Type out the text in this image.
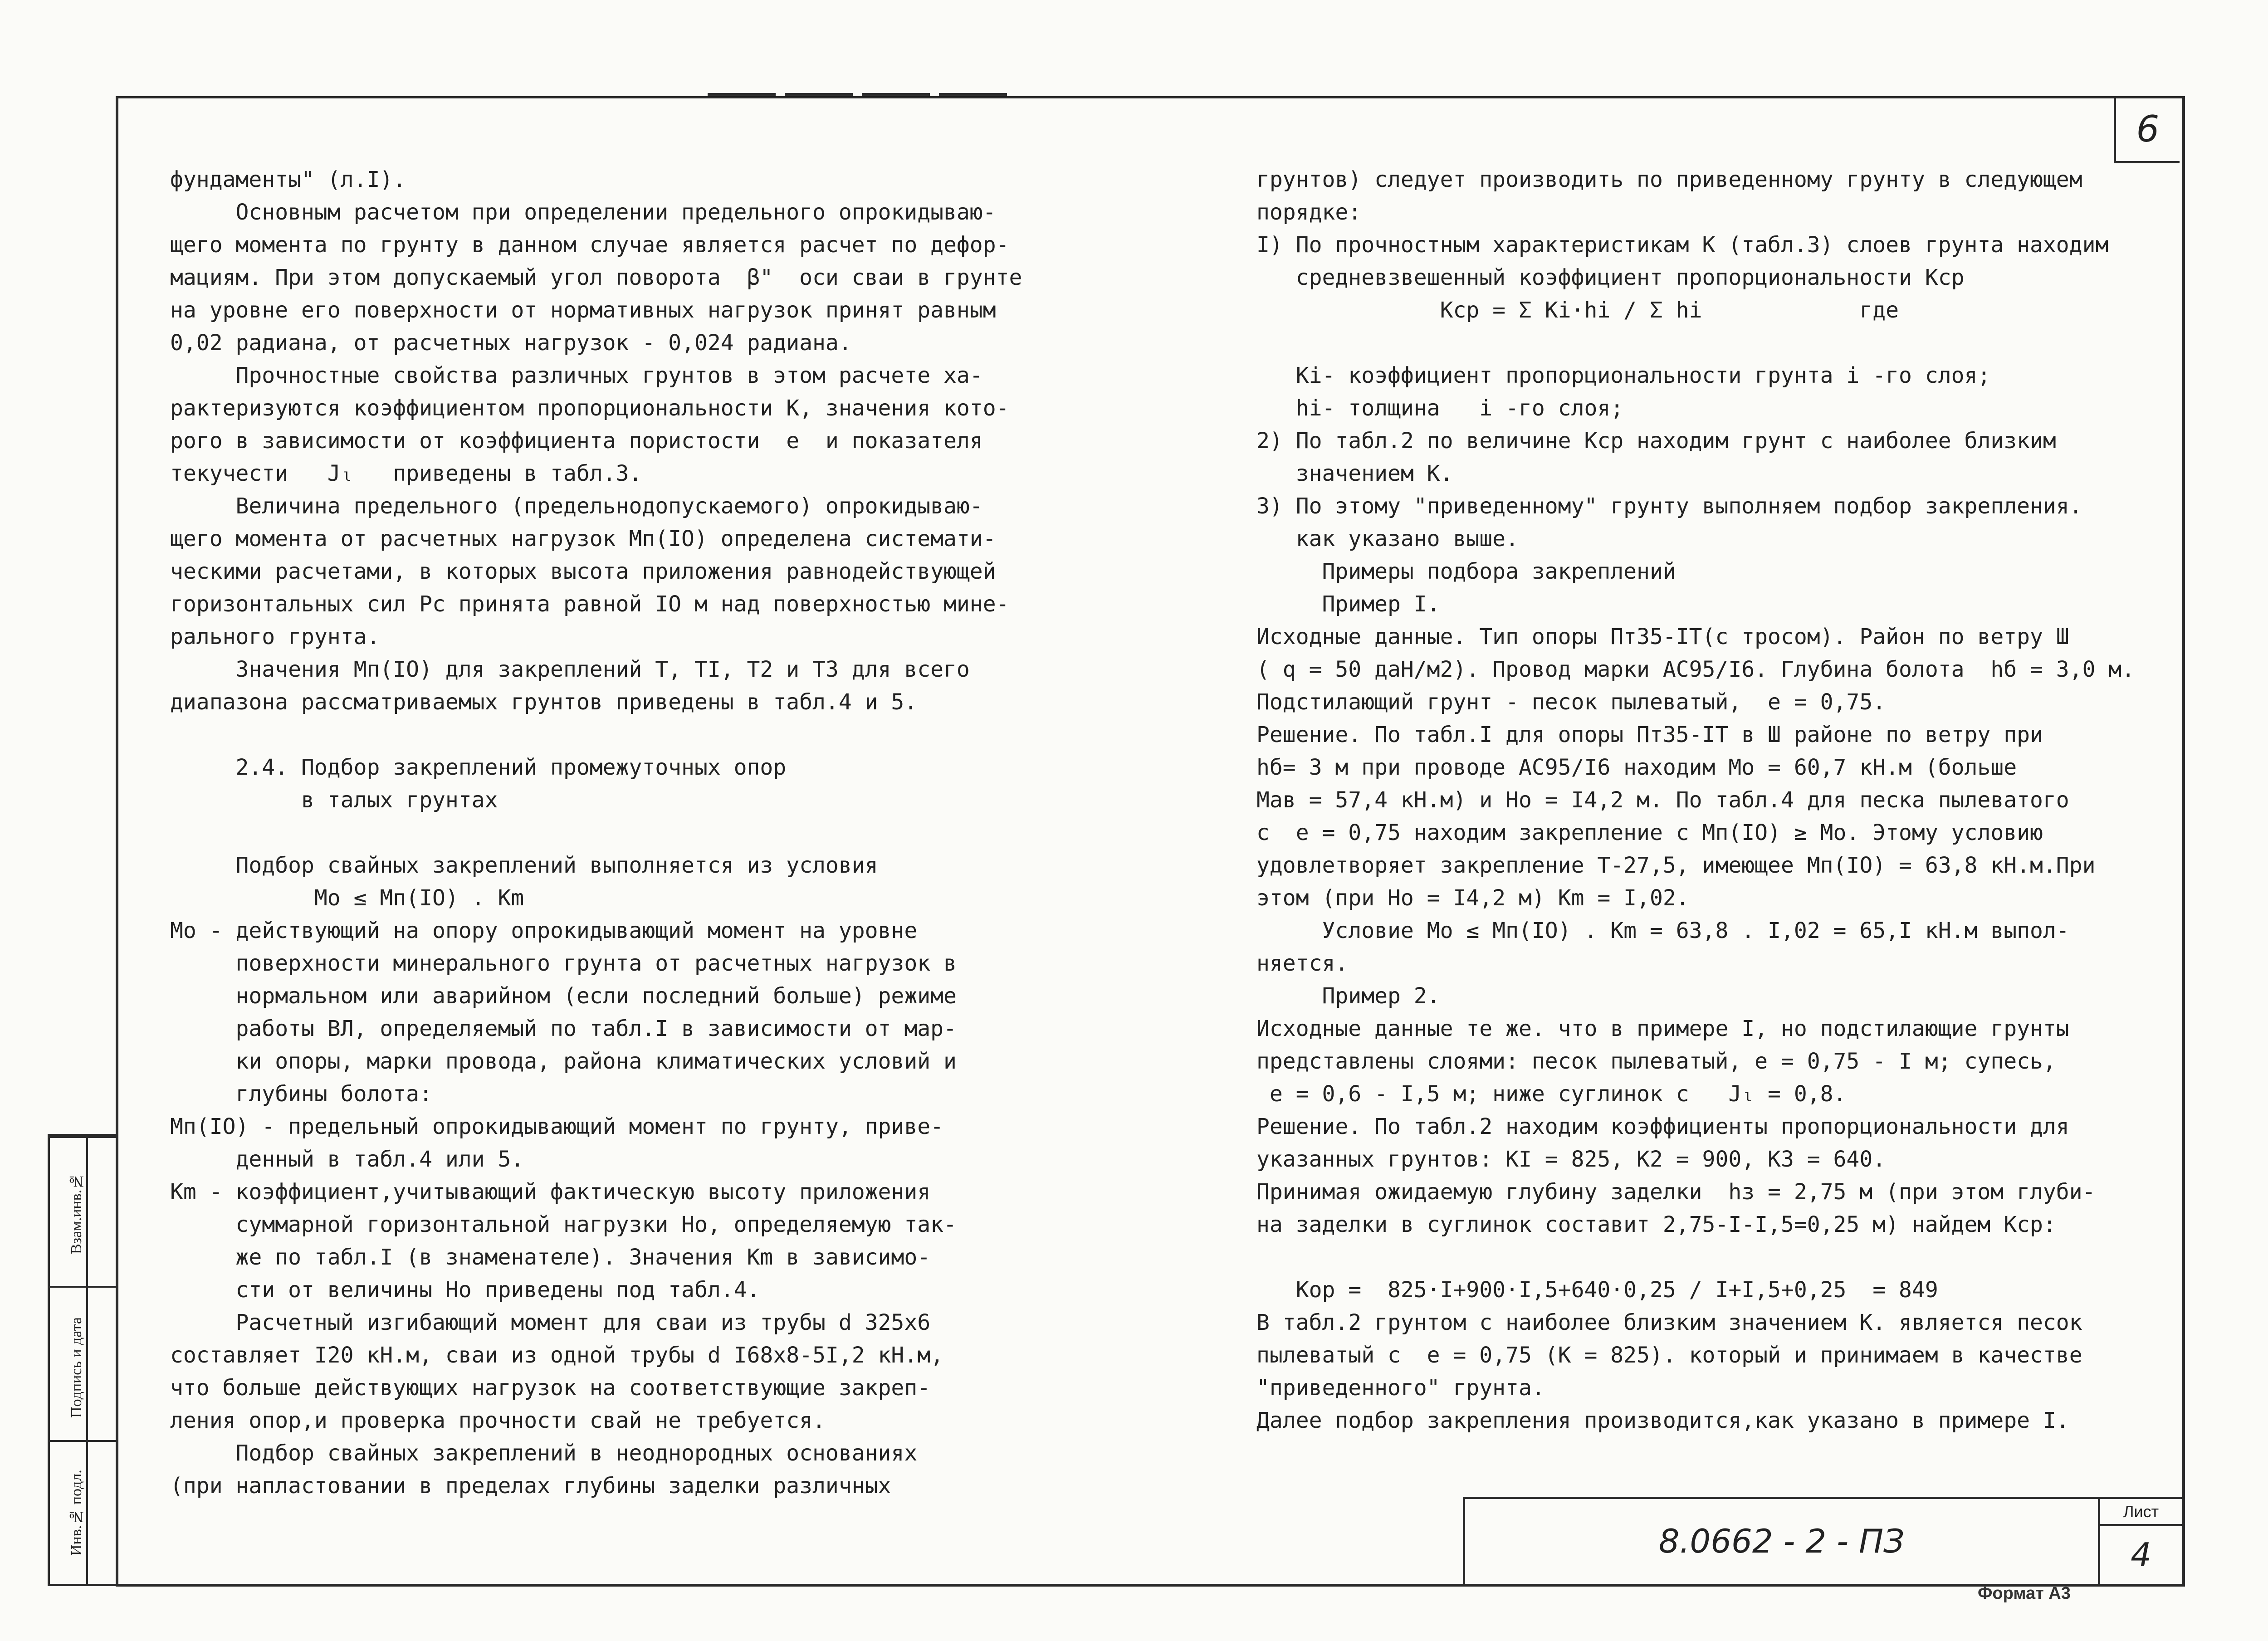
6
фундаменты" (л.I).
Основным расчетом при определении предельного опрокидываю-
щего момента по грунту в данном случае является расчет по дефор-
мациям. При этом допускаемый угол поворота  β"  оси сваи в грунте
на уровне его поверхности от нормативных нагрузок принят равным
0,02 радиана, от расчетных нагрузок - 0,024 радиана.
Прочностные свойства различных грунтов в этом расчете ха-
рактеризуются коэффициентом пропорциональности К, значения кото-
рого в зависимости от коэффициента пористости  е  и показателя
текучести   Jₗ   приведены в табл.3.
Величина предельного (предельнодопускаемого) опрокидываю-
щего момента от расчетных нагрузок Мп(IO) определена системати-
ческими расчетами, в которых высота приложения равнодействующей
горизонтальных сил Pс принята равной IO м над поверхностью мине-
рального грунта.
Значения Мп(IO) для закреплений Т, ТI, Т2 и Т3 для всего
диапазона рассматриваемых грунтов приведены в табл.4 и 5.
2.4. Подбор закреплений промежуточных опор
в талых грунтах
Подбор свайных закреплений выполняется из условия
Мо ≤ Мп(IO) . Кm
Мо - действующий на опору опрокидывающий момент на уровне
поверхности минерального грунта от расчетных нагрузок в
нормальном или аварийном (если последний больше) режиме
работы ВЛ, определяемый по табл.I в зависимости от мар-
ки опоры, марки провода, района климатических условий и
глубины болота:
Мп(IO) - предельный опрокидывающий момент по грунту, приве-
денный в табл.4 или 5.
Кm - коэффициент,учитывающий фактическую высоту приложения
суммарной горизонтальной нагрузки Но, определяемую так-
же по табл.I (в знаменателе). Значения Кm в зависимо-
сти от величины Но приведены под табл.4.
Расчетный изгибающий момент для сваи из трубы d 325х6
составляет I20 кН.м, сваи из одной трубы d I68х8-5I,2 кН.м,
что больше действующих нагрузок на соответствующие закреп-
ления опор,и проверка прочности свай не требуется.
Подбор свайных закреплений в неоднородных основаниях
(при напластовании в пределах глубины заделки различных
грунтов) следует производить по приведенному грунту в следующем
порядке:
I) По прочностным характеристикам К (табл.3) слоев грунта находим
средневзвешенный коэффициент пропорциональности Кср
Кср = Σ Ki·hi / Σ hi            где
Ki- коэффициент пропорциональности грунта i -го слоя;
hi- толщина   i -го слоя;
2) По табл.2 по величине Кср находим грунт с наиболее близким
значением К.
3) По этому "приведенному" грунту выполняем подбор закрепления.
как указано выше.
Примеры подбора закреплений
Пример I.
Исходные данные. Тип опоры ПтЗ5-IТ(с тросом). Район по ветру Ш
( q = 50 даН/м2). Провод марки АС95/I6. Глубина болота  hб = 3,0 м.
Подстилающий грунт - песок пылеватый,  е = 0,75.
Решение. По табл.I для опоры ПтЗ5-IТ в Ш районе по ветру при
hб= 3 м при проводе АС95/I6 находим Мо = 60,7 кН.м (больше
Мав = 57,4 кН.м) и Но = I4,2 м. По табл.4 для песка пылеватого
с  е = 0,75 находим закрепление с Мп(IO) ≥ Мо. Этому условию
удовлетворяет закрепление Т-27,5, имеющее Мп(IO) = 63,8 кН.м.При
этом (при Но = I4,2 м) Кm = I,02.
Условие Мо ≤ Мп(IO) . Кm = 63,8 . I,02 = 65,I кН.м выпол-
няется.
Пример 2.
Исходные данные те же. что в примере I, но подстилающие грунты
представлены слоями: песок пылеватый, е = 0,75 - I м; супесь,
е = 0,6 - I,5 м; ниже суглинок с   Jₗ = 0,8.
Решение. По табл.2 находим коэффициенты пропорциональности для
указанных грунтов: КI = 825, К2 = 900, К3 = 640.
Принимая ожидаемую глубину заделки  hз = 2,75 м (при этом глуби-
на заделки в суглинок составит 2,75-I-I,5=0,25 м) найдем Кср:
Кор =  825·I+900·I,5+640·0,25 / I+I,5+0,25  = 849
В табл.2 грунтом с наиболее близким значением К. является песок
пылеватый с  е = 0,75 (К = 825). который и принимаем в качестве
"приведенного" грунта.
Далее подбор закрепления производится,как указано в примере I.
Инв.№ подл.
Подпись и дата
Взам.инв.№
8.0662 - 2 - ПЗ
Лист
4
Формат А3
